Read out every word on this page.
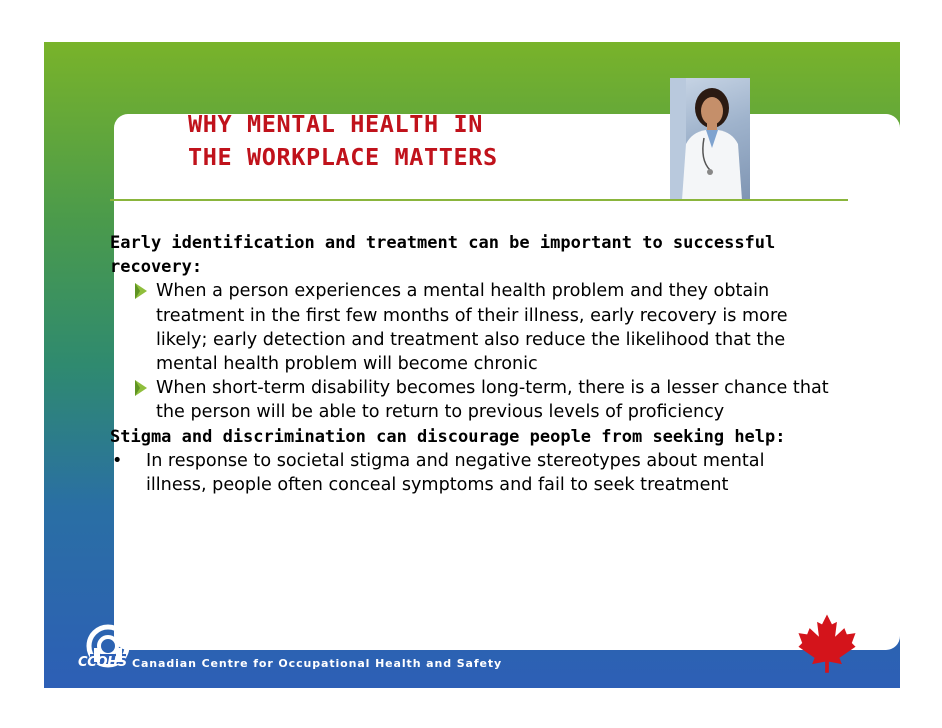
CCOHS
Len Hong, PCEO
Hongl@ccohs.ca
1-800-668-4284 www.ccohs.ca
Canadian Centre for Occupational Health and Safety
WHY MENTAL HEALTH IN
THE WORKPLACE MATTERS
Early identification and treatment can be important to successful recovery:
When a person experiences a mental health problem and they obtain treatment in the first few months of their illness, early recovery is more likely; early detection and treatment also reduce the likelihood that the mental health problem will become chronic
When short-term disability becomes long-term, there is a lesser chance that the person will be able to return to previous levels of proficiency
Stigma and discrimination can discourage people from seeking help:
• In response to societal stigma and negative stereotypes about mental illness, people often conceal symptoms and fail to seek treatment
